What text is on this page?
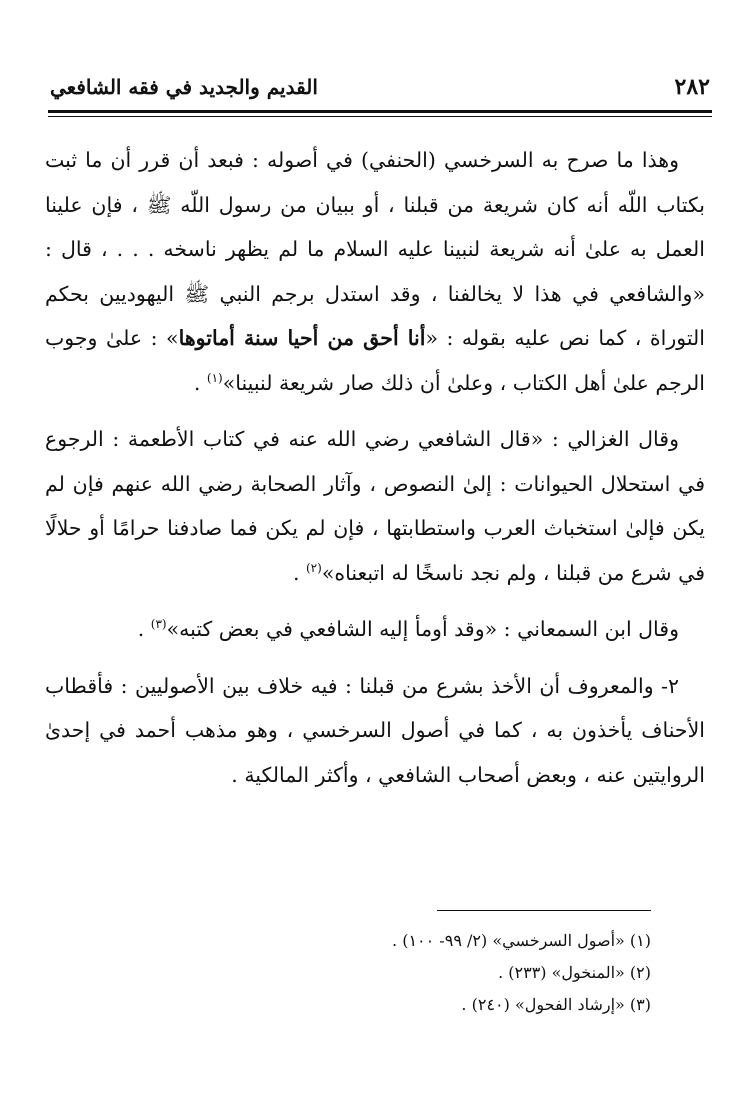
القديم والجديد في فقه الشافعي	٢٨٢

وهذا ما صرح به السرخسي (الحنفي) في أصوله : فبعد أن قرر أن ما ثبت بكتاب اللّه أنه كان شريعة من قبلنا ، أو ببيان من رسول اللّه ﷺ ، فإن علينا العمل به علىٰ أنه شريعة لنبينا عليه السلام ما لم يظهر ناسخه . . . ، قال : «والشافعي في هذا لا يخالفنا ، وقد استدل برجم النبي ﷺ اليهوديين بحكم التوراة ، كما نص عليه بقوله : «أنا أحق من أحيا سنة أماتوها» : علىٰ وجوب الرجم علىٰ أهل الكتاب ، وعلىٰ أن ذلك صار شريعة لنبينا»$^{(١)}$ .

وقال الغزالي : «قال الشافعي رضي الله عنه في كتاب الأطعمة : الرجوع في استحلال الحيوانات : إلىٰ النصوص ، وآثار الصحابة رضي الله عنهم فإن لم يكن فإلىٰ استخباث العرب واستطابتها ، فإن لم يكن فما صادفنا حرامًا أو حلالًا في شرع من قبلنا ، ولم نجد ناسخًا له اتبعناه»$^{(٢)}$ .

وقال ابن السمعاني : «وقد أومأ إليه الشافعي في بعض كتبه»$^{(٣)}$ .

٢- والمعروف أن الأخذ بشرع من قبلنا : فيه خلاف بين الأصوليين : فأقطاب الأحناف يأخذون به ، كما في أصول السرخسي ، وهو مذهب أحمد في إحدىٰ الروايتين عنه ، وبعض أصحاب الشافعي ، وأكثر المالكية .

(١) «أصول السرخسي» (٢/ ٩٩- ١٠٠) .
(٢) «المنخول» (٢٣٣) .
(٣) «إرشاد الفحول» (٢٤٠) .
